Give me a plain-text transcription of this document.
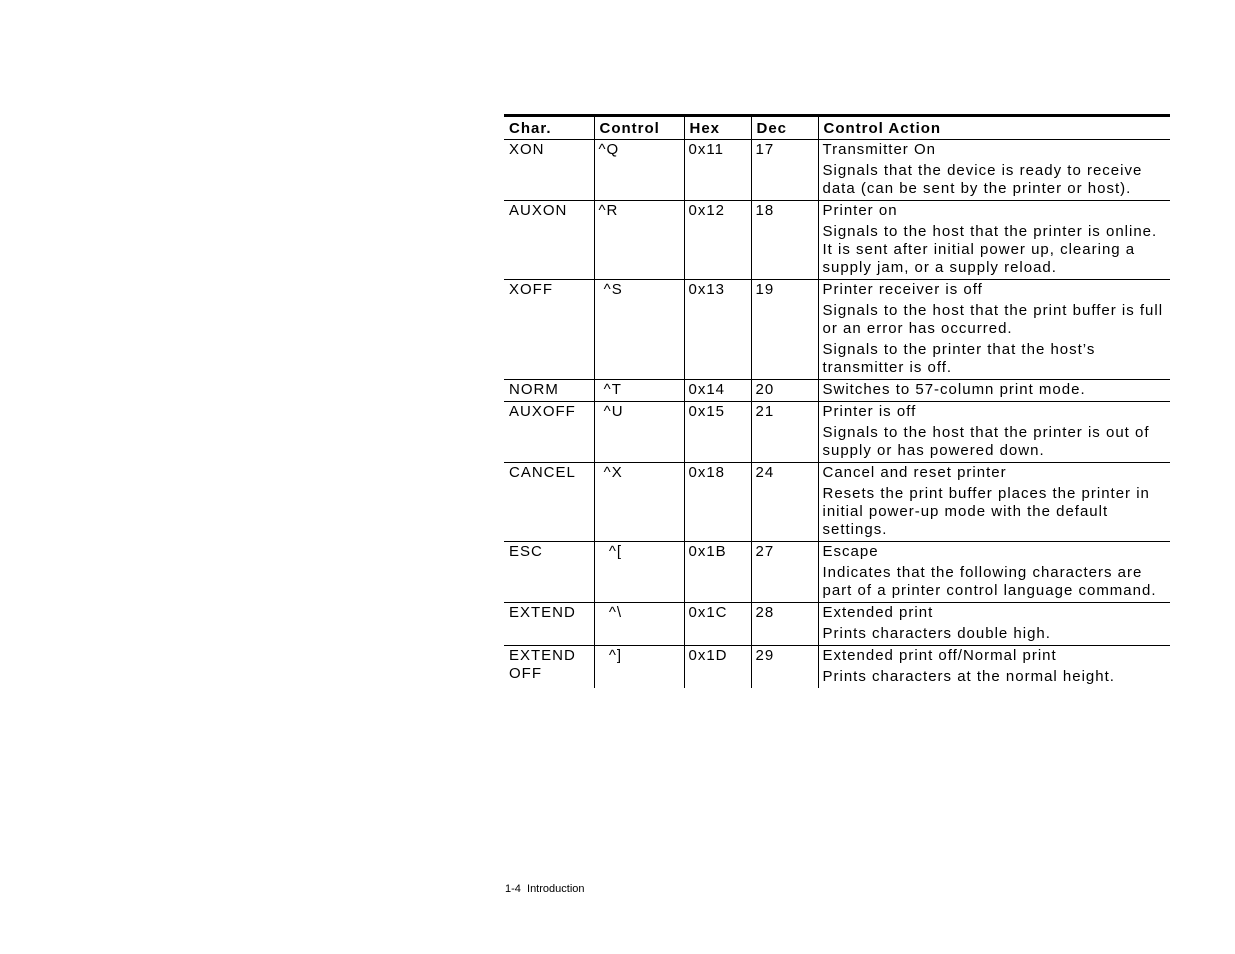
Char.	Control	Hex	Dec	Control Action
XON	^Q	0x11	17	Transmitter On
Signals that the device is ready to receive data (can be sent by the printer or host).

AUXON	^R	0x12	18	Printer on
Signals to the host that the printer is online. It is sent after initial power up, clearing a supply jam, or a supply reload.

XOFF	^S	0x13	19	Printer receiver is off
Signals to the host that the print buffer is full or an error has occurred.
Signals to the printer that the host’s transmitter is off.

NORM	^T	0x14	20	Switches to 57-column print mode.

AUXOFF	^U	0x15	21	Printer is off
Signals to the host that the printer is out of supply or has powered down.

CANCEL	^X	0x18	24	Cancel and reset printer
Resets the print buffer places the printer in initial power-up mode with the default settings.

ESC	^[	0x1B	27	Escape
Indicates that the following characters are part of a printer control language command.

EXTEND	^\	0x1C	28	Extended print
Prints characters double high.

EXTEND OFF	^]	0x1D	29	Extended print off/Normal print
Prints characters at the normal height.
1-4  Introduction
